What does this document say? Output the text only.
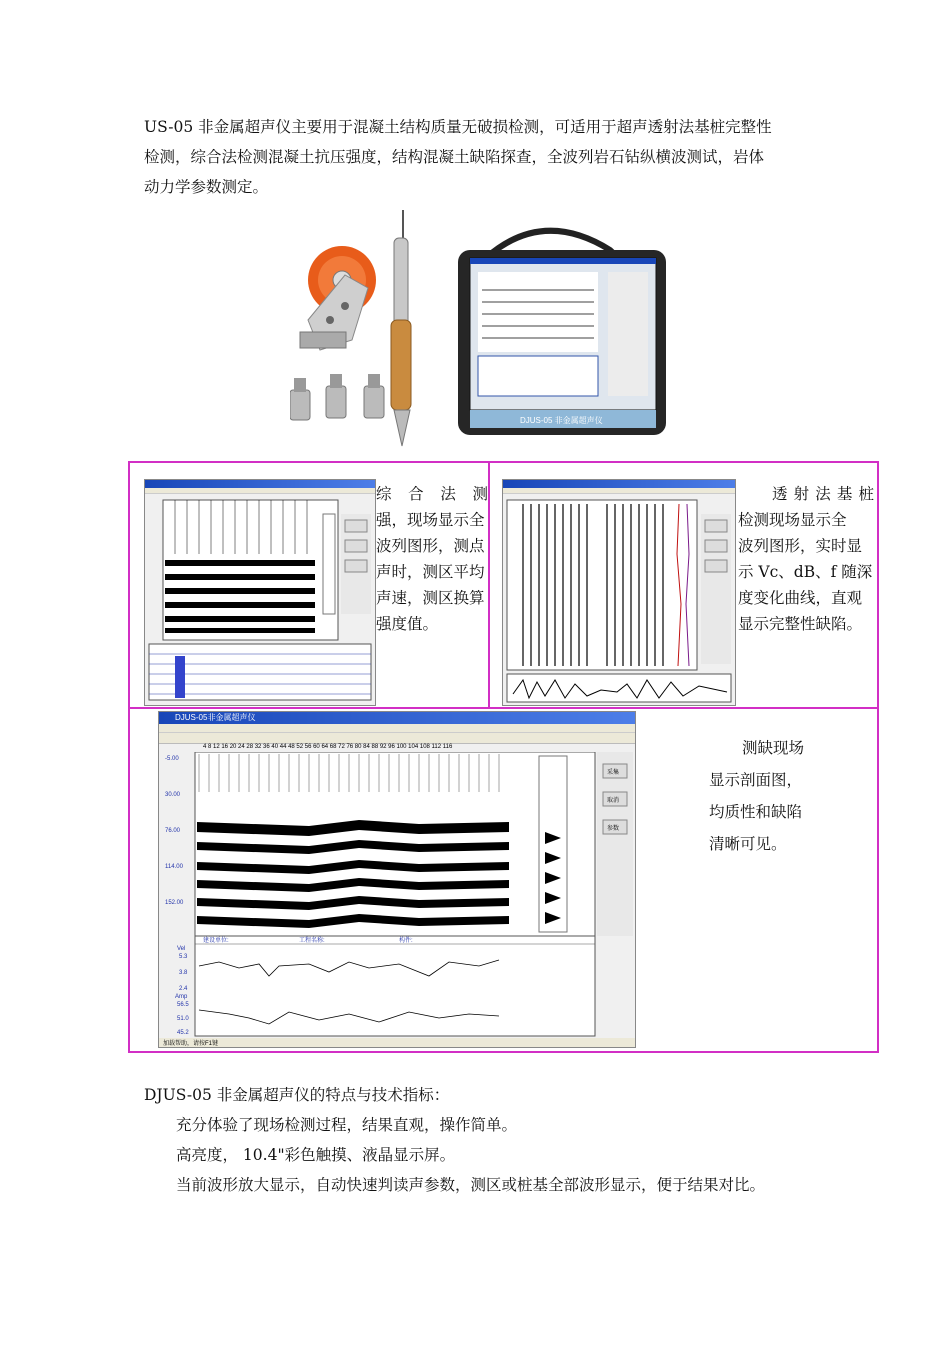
US-05 非金属超声仪主要用于混凝土结构质量无破损检测，可适用于超声透射法基桩完整性

检测，综合法检测混凝土抗压强度，结构混凝土缺陷探查，全波列岩石钻纵横波测试，岩体

动力学参数测定。

DJUS-05 非金属超声仪
综 合 法 测
强，现场显示全
波列图形，测点
声时，测区平均
声速，测区换算
强度值。
透射法基桩
检测现场显示全
波列图形，实时显
示 Vc、dB、f 随深
度变化曲线，直观
显示完整性缺陷。
DJUS-05非金属超声仪
4 8 12 16 20 24 28 32 36 40 44 48 52 56 60 64 68 72 76 80 84 88 92 96 100 104 108 112 116
-5.00
30.00
76.00
114.00
152.00
采集
取消
参数
建设单位:	工程名称:	构件:
Vel
5.3
3.8
2.4
Amp
56.5
51.0
45.2
加载帮助，请按F1键
测缺现场
显示剖面图，
均质性和缺陷
清晰可见。

DJUS-05 非金属超声仪的特点与技术指标：

充分体验了现场检测过程，结果直观，操作简单。

高亮度， 10.4"彩色触摸、液晶显示屏。

当前波形放大显示，自动快速判读声参数，测区或桩基全部波形显示，便于结果对比。
